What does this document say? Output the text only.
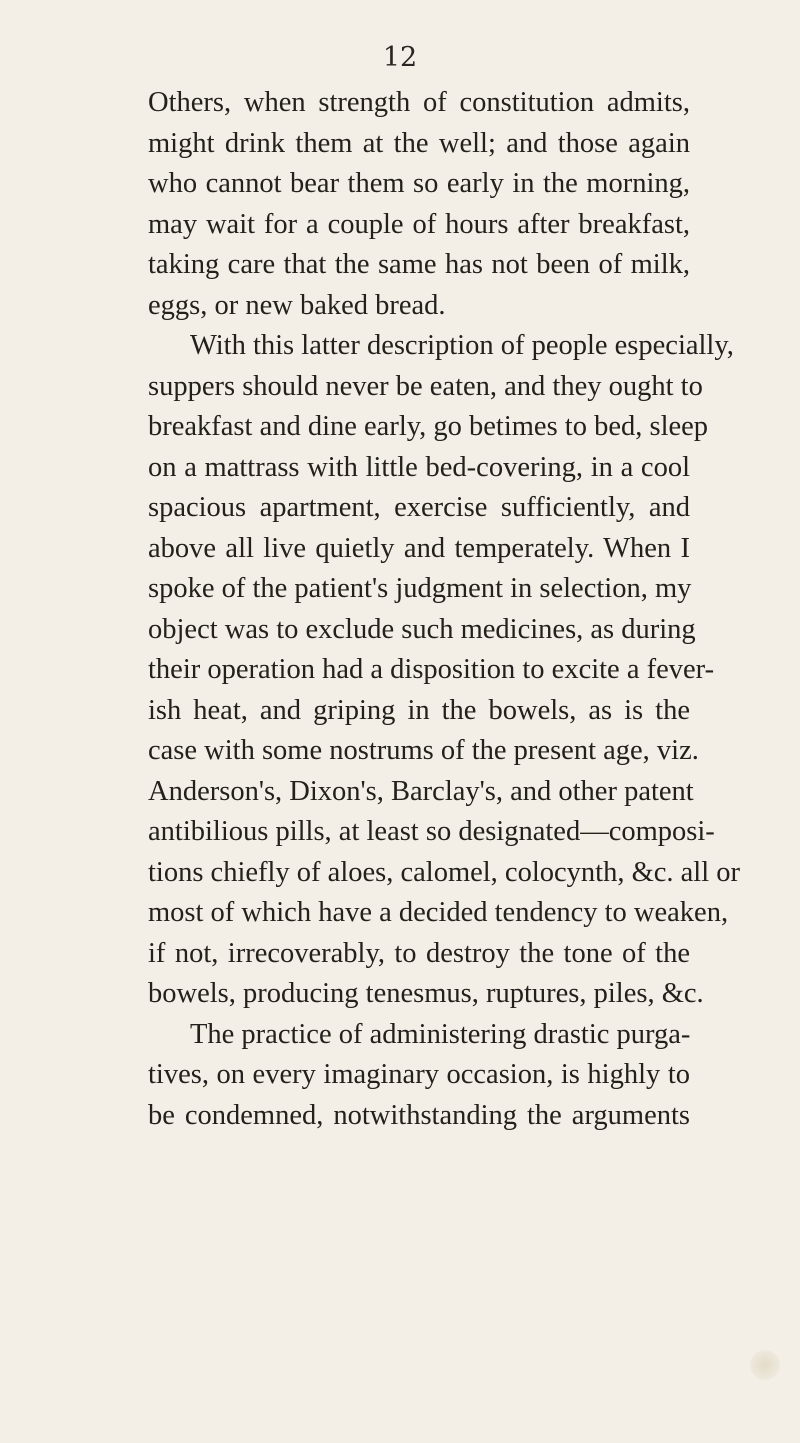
12
Others, when strength of constitution admits,
might drink them at the well; and those again
who cannot bear them so early in the morning,
may wait for a couple of hours after breakfast,
taking care that the same has not been of milk,
eggs, or new baked bread.
With this latter description of people especially,
suppers should never be eaten, and they ought to
breakfast and dine early, go betimes to bed, sleep
on a mattrass with little bed-covering, in a cool
spacious apartment, exercise sufficiently, and
above all live quietly and temperately. When I
spoke of the patient's judgment in selection, my
object was to exclude such medicines, as during
their operation had a disposition to excite a fever-
ish heat, and griping in the bowels, as is the
case with some nostrums of the present age, viz.
Anderson's, Dixon's, Barclay's, and other patent
antibilious pills, at least so designated—composi-
tions chiefly of aloes, calomel, colocynth, &c. all or
most of which have a decided tendency to weaken,
if not, irrecoverably, to destroy the tone of the
bowels, producing tenesmus, ruptures, piles, &c.
The practice of administering drastic purga-
tives, on every imaginary occasion, is highly to
be condemned, notwithstanding the arguments
